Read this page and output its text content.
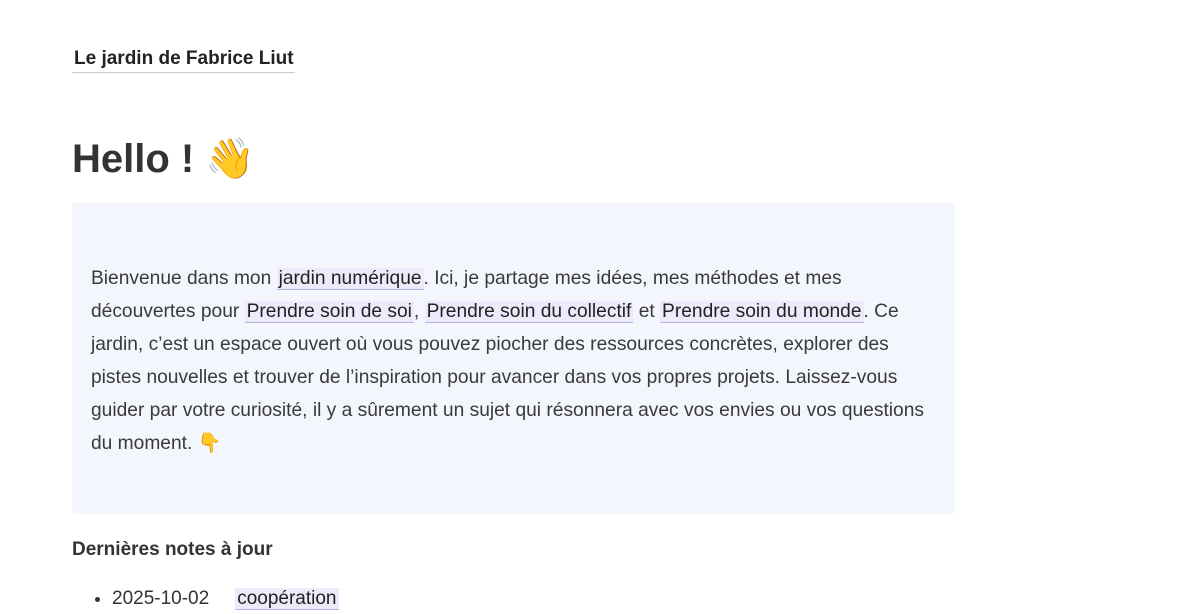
Le jardin de Fabrice Liut
Hello ! 👋

Bienvenue dans mon jardin numérique . Ici, je partage mes idées, mes méthodes et mes découvertes pour Prendre soin de soi , Prendre soin du collectif et Prendre soin du monde . Ce jardin, c’est un espace ouvert où vous pouvez piocher des ressources concrètes, explorer des pistes nouvelles et trouver de l’inspiration pour avancer dans vos propres projets. Laissez-vous guider par votre curiosité, il y a sûrement un sujet qui résonnera avec vos envies ou vos questions du moment. 👇

Dernières notes à jour
• 2025-10-02 coopération
